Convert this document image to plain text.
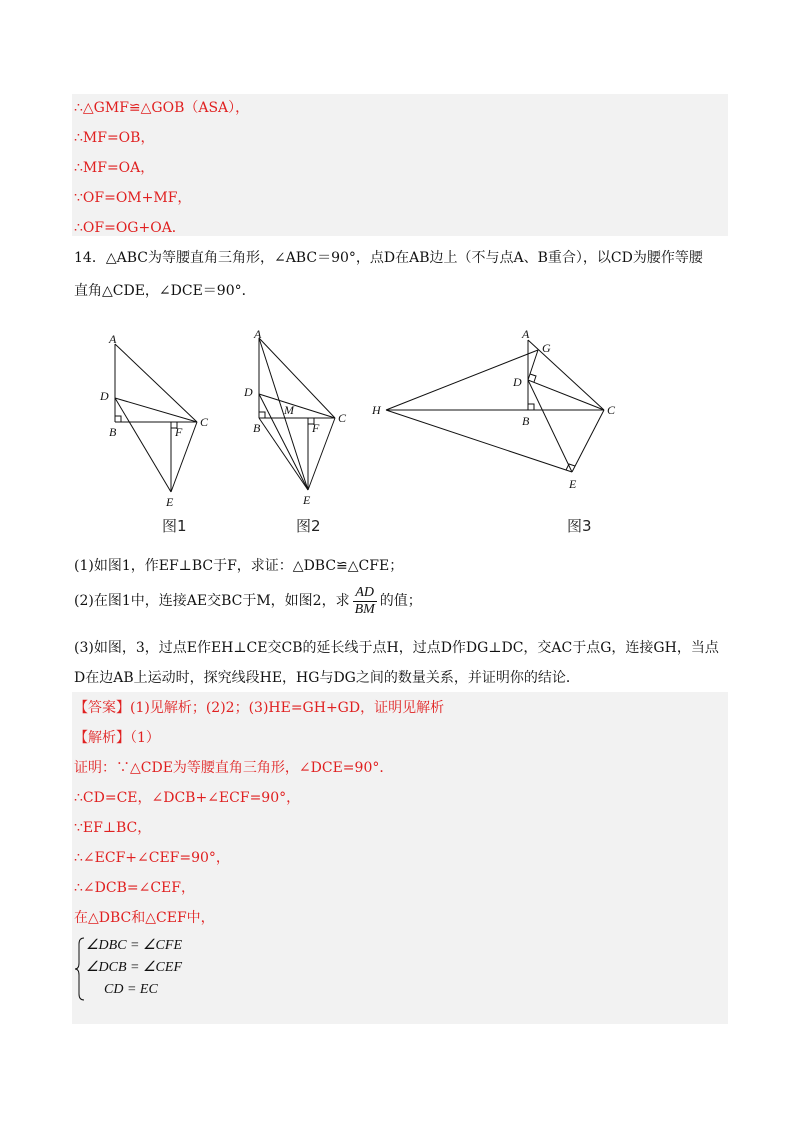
∴△GMF≌△GOB（ASA），
∴MF=OB，
∴MF=OA，
∵OF=OM+MF，
∴OF=OG+OA．
14．△ABC为等腰直角三角形，∠ABC＝90°，点D在AB边上（不与点A、B重合），以CD为腰作等腰
直角△CDE，∠DCE＝90°．
A
D
B	F
C
E
图1
A
D
B
M
F
C
E
图2
A
G
D
H
B
C
E
图3
(1)如图1，作EF⊥BC于F，求证：△DBC≌△CFE；
(2)在图1中，连接AE交BC于M，如图2，求 $\frac{AD}{BM}$ 的值；
(3)如图，3，过点E作EH⊥CE交CB的延长线于点H，过点D作DG⊥DC，交AC于点G，连接GH，当点
D在边AB上运动时，探究线段HE，HG与DG之间的数量关系，并证明你的结论．
【答案】(1)见解析；(2)2；(3)HE=GH+GD，证明见解析
【解析】（1）
证明：∵△CDE为等腰直角三角形，∠DCE=90°．
∴CD=CE，∠DCB+∠ECF=90°，
∵EF⊥BC，
∴∠ECF+∠CEF=90°，
∴∠DCB=∠CEF，
在△DBC和△CEF中，
∠DBC = ∠CFE
∠DCB = ∠CEF
CD = EC
